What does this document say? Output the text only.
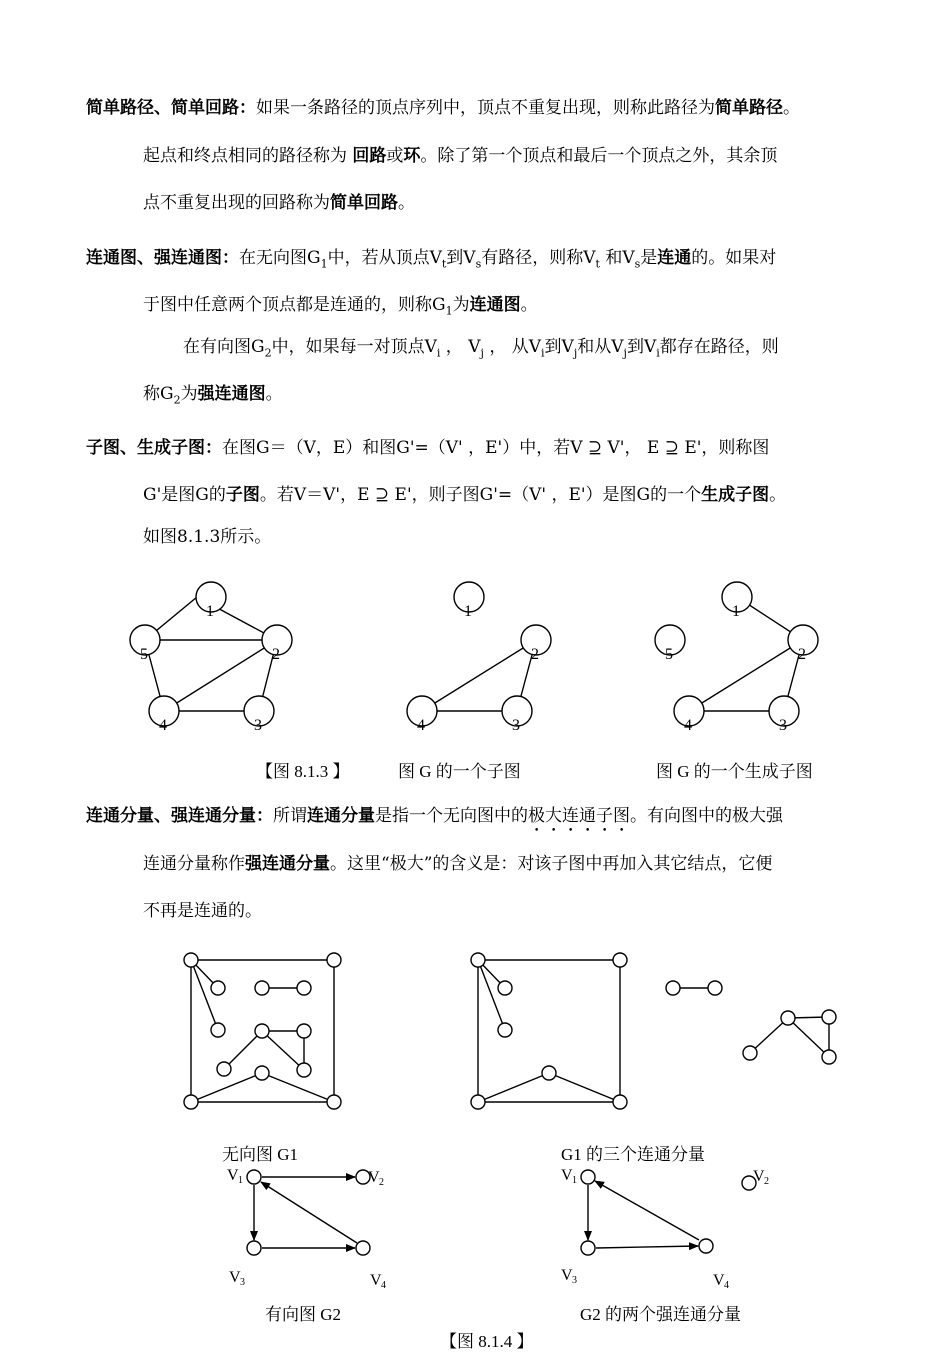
简单路径、简单回路：如果一条路径的顶点序列中，顶点不重复出现，则称此路径为简单路径。
起点和终点相同的路径称为 回路或环。除了第一个顶点和最后一个顶点之外，其余顶
点不重复出现的回路称为简单回路。
连通图、强连通图：在无向图$G_1$中，若从顶点$V_t$到$V_s$有路径，则称$V_t$ 和$V_s$是连通的。如果对
于图中任意两个顶点都是连通的，则称$G_1$为连通图。
在有向图$G_2$中，如果每一对顶点$V_i$ ， $V_j$ ， 从$V_i$到$V_j$和从$V_j$到$V_i$都存在路径，则
称$G_2$为强连通图。
子图、生成子图：在图G＝（V，E）和图G'=（V' ，E'）中，若V ⊇ V'， E ⊇ E'，则称图
G'是图G的子图。若V＝V'，E ⊇ E'，则子图G'=（V' ，E'）是图G的一个生成子图。
如图8.1.3所示。
1
5	2
4	3
1
2
4	3
1
5	2
4	3
【图 8.1.3 】	图 G 的一个子图	图 G 的一个生成子图
连通分量、强连通分量：所谓连通分量是指一个无向图中的极大连通子图。有向图中的极大强
连通分量称作强连通分量。这里“极大”的含义是：对该子图中再加入其它结点，它便
不再是连通的。
V 1	V 2
V 3	V 4
V 1	V 2
V 3	V 4
无向图 G1	G1 的三个连通分量
有向图 G2	G2 的两个强连通分量
【图 8.1.4 】
